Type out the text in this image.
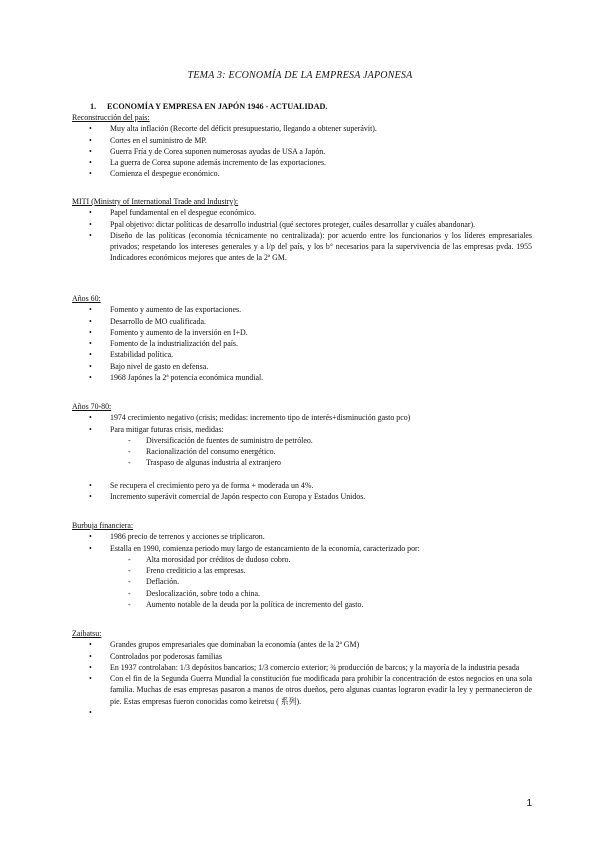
TEMA 3: ECONOMÍA DE LA EMPRESA JAPONESA
1. ECONOMÍA Y EMPRESA EN JAPÓN 1946 - ACTUALIDAD.
Reconstrucción del país:
• Muy alta inflación (Recorte del déficit presupuestario, llegando a obtener superávit).
• Cortes en el suministro de MP.
• Guerra Fría y de Corea suponen numerosas ayudas de USA a Japón.
• La guerra de Corea supone además incremento de las exportaciones.
• Comienza el despegue económico.
MITI (Ministry of International Trade and Industry):
• Papel fundamental en el despegue económico.
• Ppal objetivo: dictar políticas de desarrollo industrial (qué sectores proteger, cuáles desarrollar y cuáles abandonar).
• Diseño de las políticas (economía técnicamente no centralizada): por acuerdo entre los funcionarios y los líderes empresariales privados; respetando los intereses generales y a l/p del país, y los b° necesarios para la supervivencia de las empresas pvda. 1955 Indicadores económicos mejores que antes de la 2ª GM.
Años 60:
• Fomento y aumento de las exportaciones.
• Desarrollo de MO cualificada.
• Fomento y aumento de la inversión en I+D.
• Fomento de la industrialización del país.
• Estabilidad política.
• Bajo nivel de gasto en defensa.
• 1968 Japónes la 2ª potencia económica mundial.
Años 70-80:
• 1974 crecimiento negativo (crisis; medidas: incremento tipo de interés+disminución gasto pco)
• Para mitigar futuras crisis, medidas:
- Diversificación de fuentes de suministro de petróleo.
- Racionalización del consumo energético.
- Traspaso de algunas industria al extranjero
• Se recupera el crecimiento pero ya de forma + moderada un 4%.
• Incremento superávit comercial de Japón respecto con Europa y Estados Unidos.
Burbuja financiera:
• 1986 precio de terrenos y acciones se triplicaron.
• Estalla en 1990, comienza periodo muy largo de estancamiento de la economía, caracterizado por:
- Alta morosidad por créditos de dudoso cobro.
- Freno crediticio a las empresas.
- Deflación.
- Deslocalización, sobre todo a china.
- Aumento notable de la deuda por la política de incremento del gasto.
Zaibatsu:
• Grandes grupos empresariales que dominaban la economía (antes de la 2ª GM)
• Controlados por poderosas familias
• En 1937 controlaban: 1/3 depósitos bancarios; 1/3 comercio exterior; ¾ producción de barcos; y la mayoría de la industria pesada
• Con el fin de la Segunda Guerra Mundial la constitución fue modificada para prohibir la concentración de estos negocios en una sola familia. Muchas de esas empresas pasaron a manos de otros dueños, pero algunas cuantas lograron evadir la ley y permanecieron de pie. Estas empresas fueron conocidas como keiretsu ( 系列).
•
1
